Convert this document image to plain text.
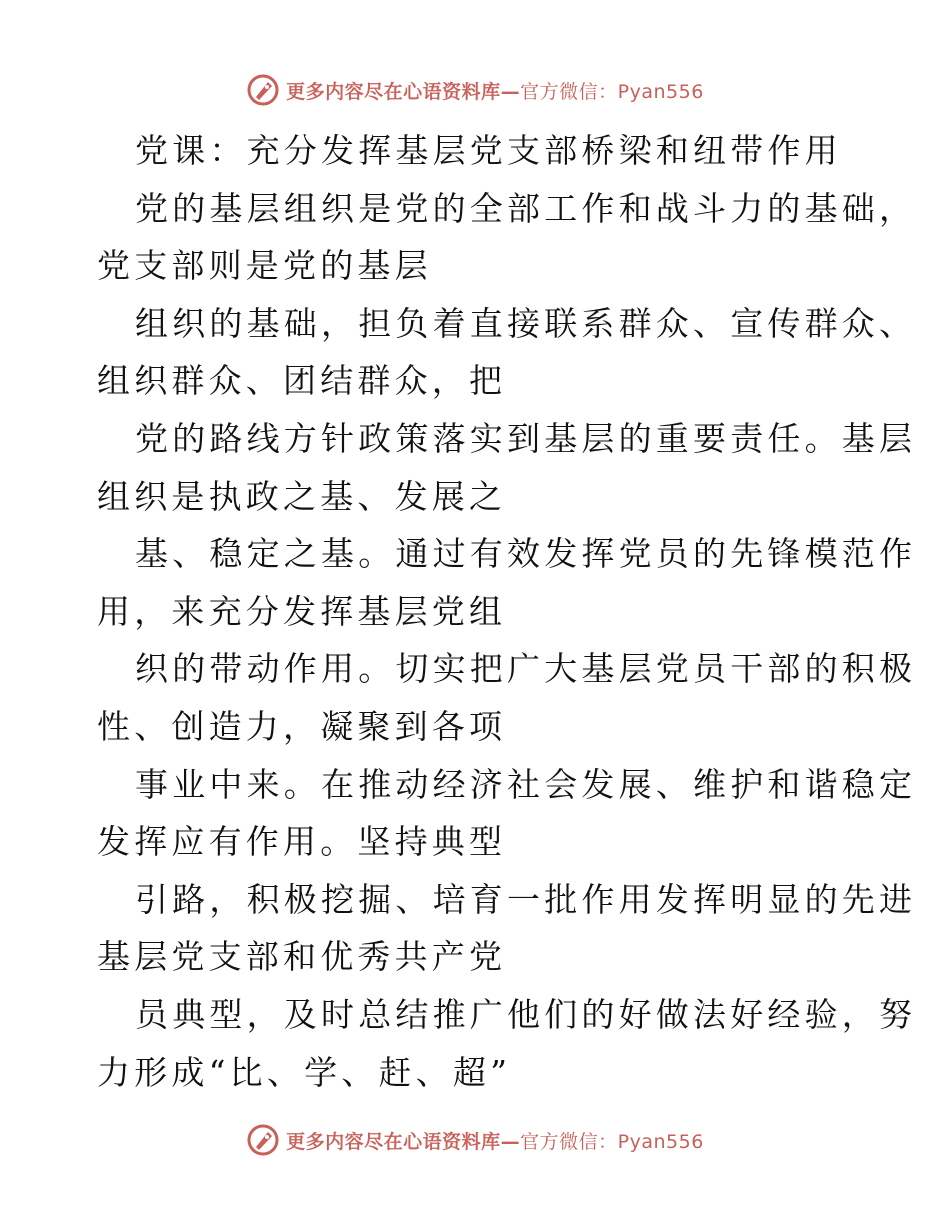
更多内容尽在心语资料库—官方微信：Pyan556
党课：充分发挥基层党支部桥梁和纽带作用
党的基层组织是党的全部工作和战斗力的基础，
党支部则是党的基层
组织的基础，担负着直接联系群众、宣传群众、
组织群众、团结群众，把
党的路线方针政策落实到基层的重要责任。基层
组织是执政之基、发展之
基、稳定之基。通过有效发挥党员的先锋模范作
用，来充分发挥基层党组
织的带动作用。切实把广大基层党员干部的积极
性、创造力，凝聚到各项
事业中来。在推动经济社会发展、维护和谐稳定
发挥应有作用。坚持典型
引路，积极挖掘、培育一批作用发挥明显的先进
基层党支部和优秀共产党
员典型，及时总结推广他们的好做法好经验，努
力形成“比、学、赶、超”
更多内容尽在心语资料库—官方微信：Pyan556
